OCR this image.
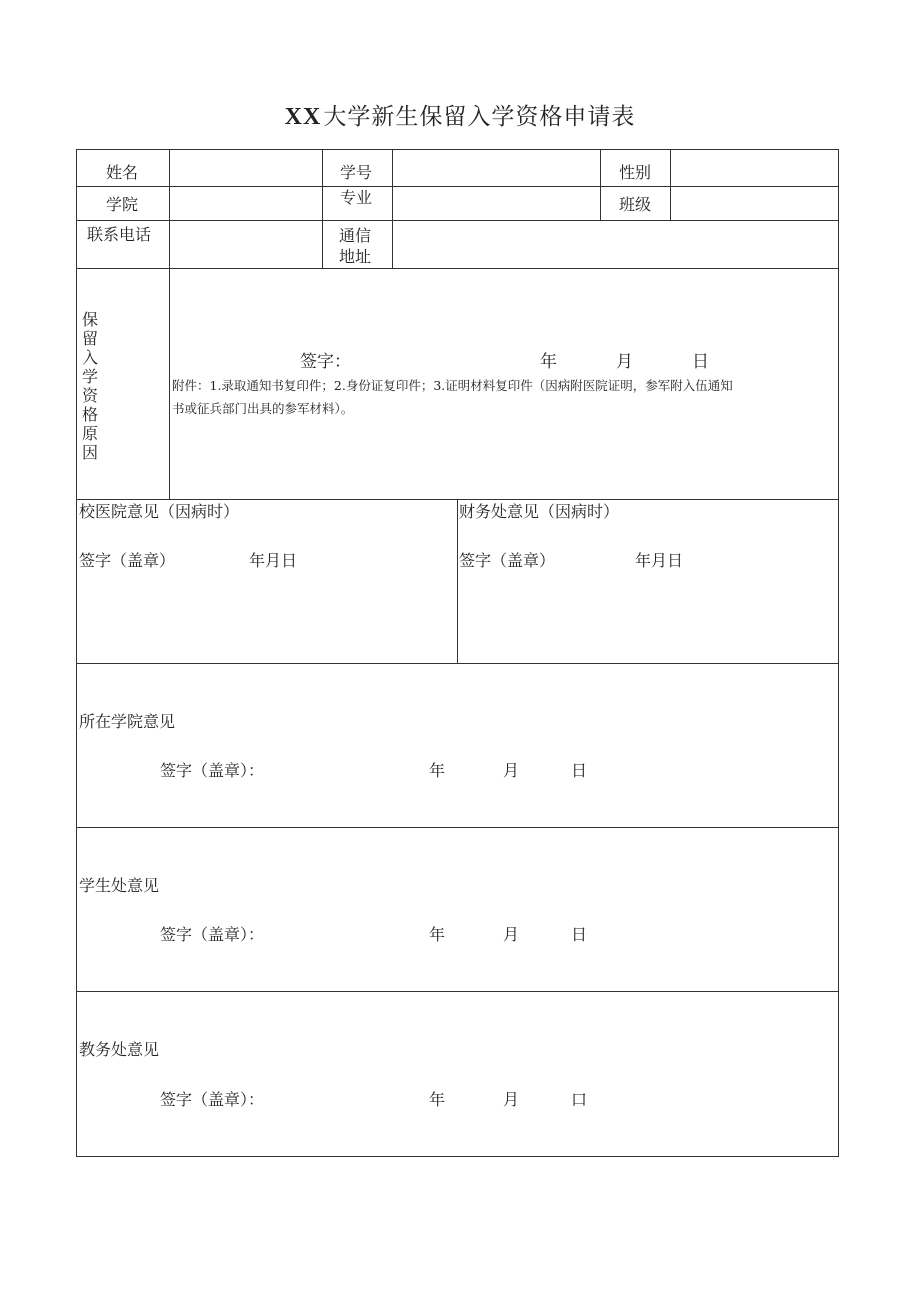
XX大学新生保留入学资格申请表
姓名	学号	性别
学院	专业	班级
联系电话	通信地址
保留入学资格原因
签字：	年	月	日
附件：1.录取通知书复印件；2.身份证复印件；3.证明材料复印件（因病附医院证明，参军附入伍通知
书或征兵部门出具的参军材料）。
校医院意见（因病时）
签字（盖章）	年月日
财务处意见（因病时）
签字（盖章）	年月日
所在学院意见
签字（盖章）：	年	月	日
学生处意见
签字（盖章）：	年	月	日
教务处意见
签字（盖章）：	年	月	口
